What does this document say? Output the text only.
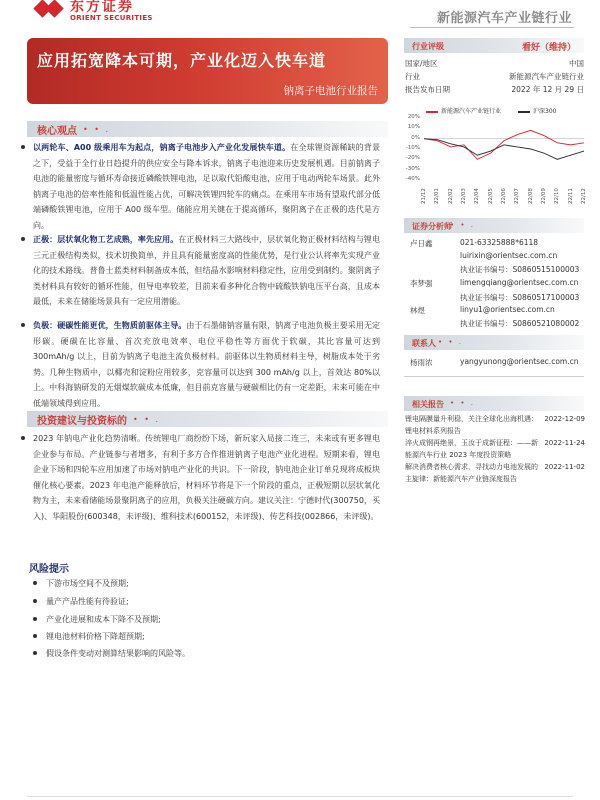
东方证券
ORIENT SECURITIES	新能源汽车产业链行业
应用拓宽降本可期，产业化迈入快车道
钠离子电池行业报告
核心观点 • • .
以两轮车、A00 级乘用车为起点，钠离子电池步入产业化发展快车道。在全球锂资源稀缺的背景之下，受益于全行业日趋提升的供应安全与降本诉求，钠离子电池迎来历史发展机遇。目前钠离子电池的能量密度与循环寿命接近磷酸铁锂电池，足以取代铅酸电池，应用于电动两轮车场景。此外钠离子电池的倍率性能和低温性能占优，可解决铁锂四轮车的痛点。在乘用车市场有望取代部分低端磷酸铁锂电池，应用于 A00 级车型。储能应用关键在于提高循环，聚阴离子在正极的迭代是方向。
正极：层状氧化物工艺成熟，率先应用。在正极材料三大路线中，层状氧化物正极材料结构与锂电三元正极结构类似，技术切换简单，并且具有能量密度高的性能优势，是行业公认将率先实现产业化的技术路线。普鲁士蓝类材料制备成本低，但结晶水影响材料稳定性，应用受到制约。聚阴离子类材料具有较好的循环性能，但导电率较差，目前来看多种化合物中硫酸铁钠电压平台高，且成本最低，未来在储能场景具有一定应用潜能。
负极：硬碳性能更优，生物质前驱体主导。由于石墨储钠容量有限，钠离子电池负极主要采用无定形碳。硬碳在比容量、首次充放电效率、电位平稳性等方面优于软碳，其比容量可达到 300mAh/g 以上，目前为钠离子电池主流负极材料。前驱体以生物质材料主导，树脂成本处于劣势。几种生物质中，以椰壳和淀粉应用较多，克容量可以达到 300 mAh/g 以上，首效达 80%以上。中科海钠研发的无烟煤软碳成本低廉，但目前克容量与硬碳相比仍有一定差距，未来可能在中低端领域得到应用。
投资建议与投资标的 • • .
2023 年钠电产业化趋势清晰。传统锂电厂商纷纷下场，新玩家入局接二连三，未来或有更多锂电企业参与布局。产业链参与者增多，有利于多方合作推进钠离子电池产业化进程。短期来看，锂电企业下场和四轮车应用加速了市场对钠电产业化的共识。下一阶段，钠电池企业订单兑现将成板块催化核心要素。2023 年电池产能释放后，材料环节将是下一个阶段的重点，正极短期以层状氧化物为主，未来看储能场景聚阴离子的应用，负极关注硬碳方向。建议关注：宁德时代(300750，买入)、华阳股份(600348，未评级)、维科技术(600152，未评级)、传艺科技(002866，未评级)。
风险提示
下游市场空间不及预期;
量产产品性能有待验证;
产业化进展和成本下降不及预期;
锂电池材料价格下降超预期;
假设条件变动对测算结果影响的风险等。
行业评级	看好（维持）
国家/地区	中国
行业	新能源汽车产业链行业
报告发布日期	2022 年 12 月 29 日
新能源汽车产业链行业	沪深300
20%
10%
0%
-10%
-20%
-30%
-40%
21/12 22/01 22/02 22/03 22/04 22/05 22/06 22/07 22/08 22/09 22/10 22/11 22/12
证券分析师
• • .
卢日鑫	021-63325888*6118
luirixin@orientsec.com.cn
执业证书编号：S0860515100003
李梦强	limengqiang@orientsec.com.cn
执业证书编号：S0860517100003
林煜	linyu1@orientsec.com.cn
执业证书编号：S0860521080002
联系人 • • .
杨雨浓	yangyunong@orientsec.com.cn
相关报告 • • .
锂电隔膜量升利稳，关注全球化出海机遇：锂电材料系列报告
2022-12-09
淬火成钢再绝景，玉汝于成新征程：——新能源汽车行业 2023 年度投资策略
2022-11-24
解决消费者核心需求，寻找动力电池发展的主旋律：新能源汽车产业链深度报告
2022-11-02
